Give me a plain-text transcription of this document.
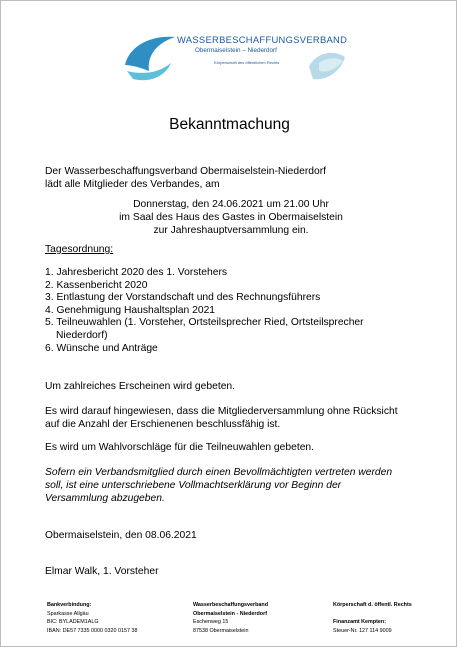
WASSERBESCHAFFUNGSVERBAND
Obermaiselstein – Niederdorf
Körperschaft des öffentlichen Rechts
Bekanntmachung
Der Wasserbeschaffungsverband Obermaiselstein-Niederdorf
lädt alle Mitglieder des Verbandes, am
Donnerstag, den 24.06.2021 um 21.00 Uhr
im Saal des Haus des Gastes in Obermaiselstein
zur Jahreshauptversammlung ein.
Tagesordnung:
1. Jahresbericht 2020 des 1. Vorstehers
2. Kassenbericht 2020
3. Entlastung der Vorstandschaft und des Rechnungsführers
4. Genehmigung Haushaltsplan 2021
5. Teilneuwahlen (1. Vorsteher, Ortsteilsprecher Ried, Ortsteilsprecher
Niederdorf)
6. Wünsche und Anträge
Um zahlreiches Erscheinen wird gebeten.
Es wird darauf hingewiesen, dass die Mitgliederversammlung ohne Rücksicht
auf die Anzahl der Erschienenen beschlussfähig ist.
Es wird um Wahlvorschläge für die Teilneuwahlen gebeten.
Sofern ein Verbandsmitglied durch einen Bevollmächtigten vertreten werden
soll, ist eine unterschriebene Vollmachtserklärung vor Beginn der
Versammlung abzugeben.
Obermaiselstein, den 08.06.2021
Elmar Walk, 1. Vorsteher
Bankverbindung:
Sparkasse Allgäu
BIC: BYLADEM1ALG
IBAN: DE57 7335 0000 0320 0157 38
Wasserbeschaffungsverband
Obermaiselstein - Niederdorf
Eschenweg 15
87538 Obermaiselstein
Körperschaft d. öffentl. Rechts

Finanzamt Kempten:
Steuer-Nr. 127 114 9009
